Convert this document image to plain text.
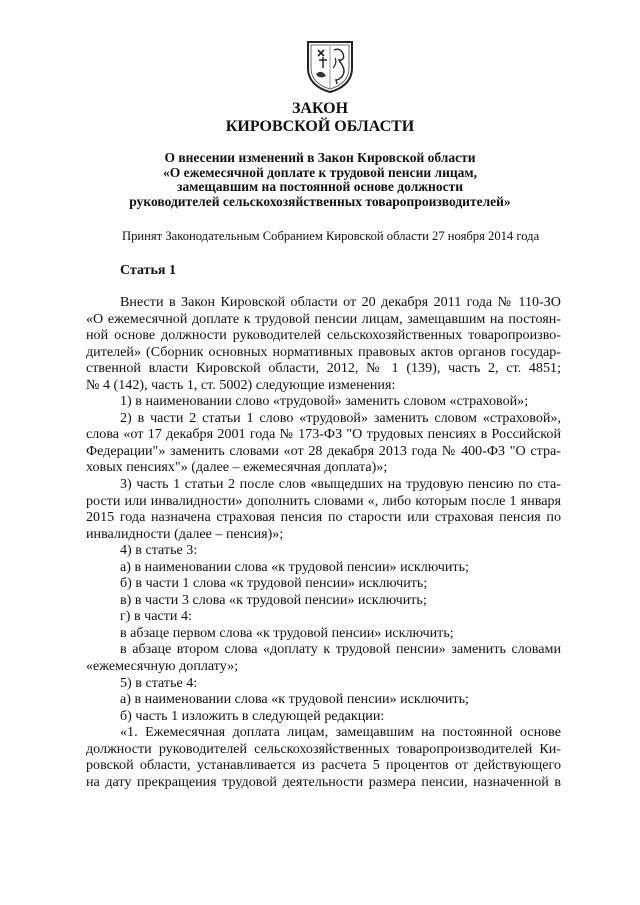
ЗАКОН
КИРОВСКОЙ ОБЛАСТИ
О внесении изменений в Закон Кировской области
«О ежемесячной доплате к трудовой пенсии лицам,
замещавшим на постоянной основе должности
руководителей сельскохозяйственных товаропроизводителей»
Принят Законодательным Собранием Кировской области 27 ноября 2014 года
Статья 1
Внести в Закон Кировской области от 20 декабря 2011 года № 110-ЗО
«О ежемесячной доплате к трудовой пенсии лицам, замещавшим на постоян-
ной основе должности руководителей сельскохозяйственных товаропроизво-
дителей» (Сборник основных нормативных правовых актов органов государ-
ственной власти Кировской области, 2012, № 1 (139), часть 2, ст. 4851;
№ 4 (142), часть 1, ст. 5002) следующие изменения:
1) в наименовании слово «трудовой» заменить словом «страховой»;
2) в части 2 статьи 1 слово «трудовой» заменить словом «страховой»,
слова «от 17 декабря 2001 года № 173-ФЗ "О трудовых пенсиях в Российской
Федерации"» заменить словами «от 28 декабря 2013 года № 400-ФЗ "О стра-
ховых пенсиях"» (далее – ежемесячная доплата)»;
3) часть 1 статьи 2 после слов «выщедших на трудовую пенсию по ста-
рости или инвалидности» дополнить словами «, либо которым после 1 января
2015 года назначена страховая пенсия по старости или страховая пенсия по
инвалидности (далее – пенсия)»;
4) в статье 3:
а) в наименовании слова «к трудовой пенсии» исключить;
б) в части 1 слова «к трудовой пенсии» исключить;
в) в части 3 слова «к трудовой пенсии» исключить;
г) в части 4:
в абзаце первом слова «к трудовой пенсии» исключить;
в абзаце втором слова «доплату к трудовой пенсии» заменить словами
«ежемесячную доплату»;
5) в статье 4:
а) в наименовании слова «к трудовой пенсии» исключить;
б) часть 1 изложить в следующей редакции:
«1. Ежемесячная доплата лицам, замещавшим на постоянной основе
должности руководителей сельскохозяйственных товаропроизводителей Ки-
ровской области, устанавливается из расчета 5 процентов от действующего
на дату прекращения трудовой деятельности размера пенсии, назначенной в
